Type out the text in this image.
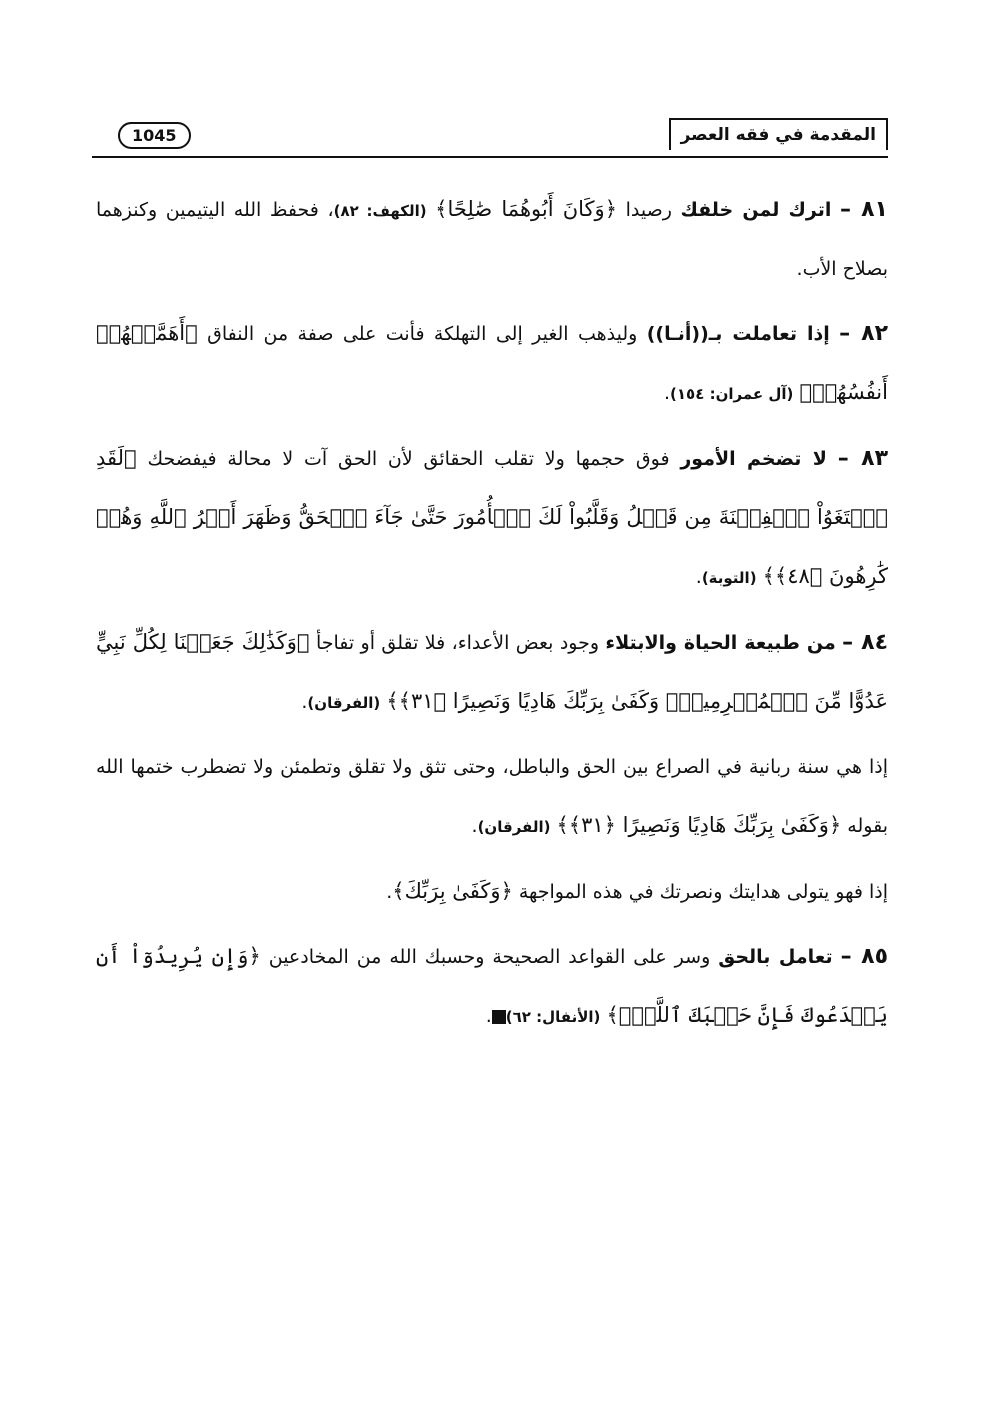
المقدمة في فقه العصر
1045

٨١ – اترك لمن خلفك رصيدا ﴿وَكَانَ أَبُوهُمَا صَٰلِحًا﴾ (الكهف: ٨٢)، فحفظ الله اليتيمين وكنزهما بصلاح الأب.

٨٢ – إذا تعاملت بـ((أنـا)) وليذهب الغير إلى التهلكة فأنت على صفة من النفاق ﴿أَهَمَّتۡهُمۡ أَنفُسُهُمۡ﴾ (آل عمران: ١٥٤).

٨٣ – لا تضخم الأمور فوق حجمها ولا تقلب الحقائق لأن الحق آت لا محالة فيفضحك ﴿لَقَدِ ٱبۡتَغَوُاْ ٱلۡفِتۡنَةَ مِن قَبۡلُ وَقَلَّبُواْ لَكَ ٱلۡأُمُورَ حَتَّىٰ جَآءَ ٱلۡحَقُّ وَظَهَرَ أَمۡرُ ٱللَّهِ وَهُمۡ كَٰرِهُونَ ﴿٤٨﴾﴾ (التوبة).

٨٤ – من طبيعة الحياة والابتلاء وجود بعض الأعداء، فلا تقلق أو تفاجأ ﴿وَكَذَٰلِكَ جَعَلۡنَا لِكُلِّ نَبِيٍّ عَدُوًّا مِّنَ ٱلۡمُجۡرِمِينَۗ وَكَفَىٰ بِرَبِّكَ هَادِيًا وَنَصِيرًا ﴿٣١﴾﴾ (الفرقان).

إذا هي سنة ربانية في الصراع بين الحق والباطل، وحتى تثق ولا تقلق وتطمئن ولا تضطرب ختمها الله بقوله ﴿وَكَفَىٰ بِرَبِّكَ هَادِيًا وَنَصِيرًا ﴿٣١﴾﴾ (الفرقان).

إذا فهو يتولى هدايتك ونصرتك في هذه المواجهة ﴿وَكَفَىٰ بِرَبِّكَ﴾.

٨٥ – تعامل بالحق وسر على القواعد الصحيحة وحسبك الله من المخادعين ﴿وَإِن يُرِيدُوٓاْ أَن يَخۡدَعُوكَ فَإِنَّ حَسۡبَكَ ٱللَّهُۚ﴾ (الأنفال: ٦٢).
